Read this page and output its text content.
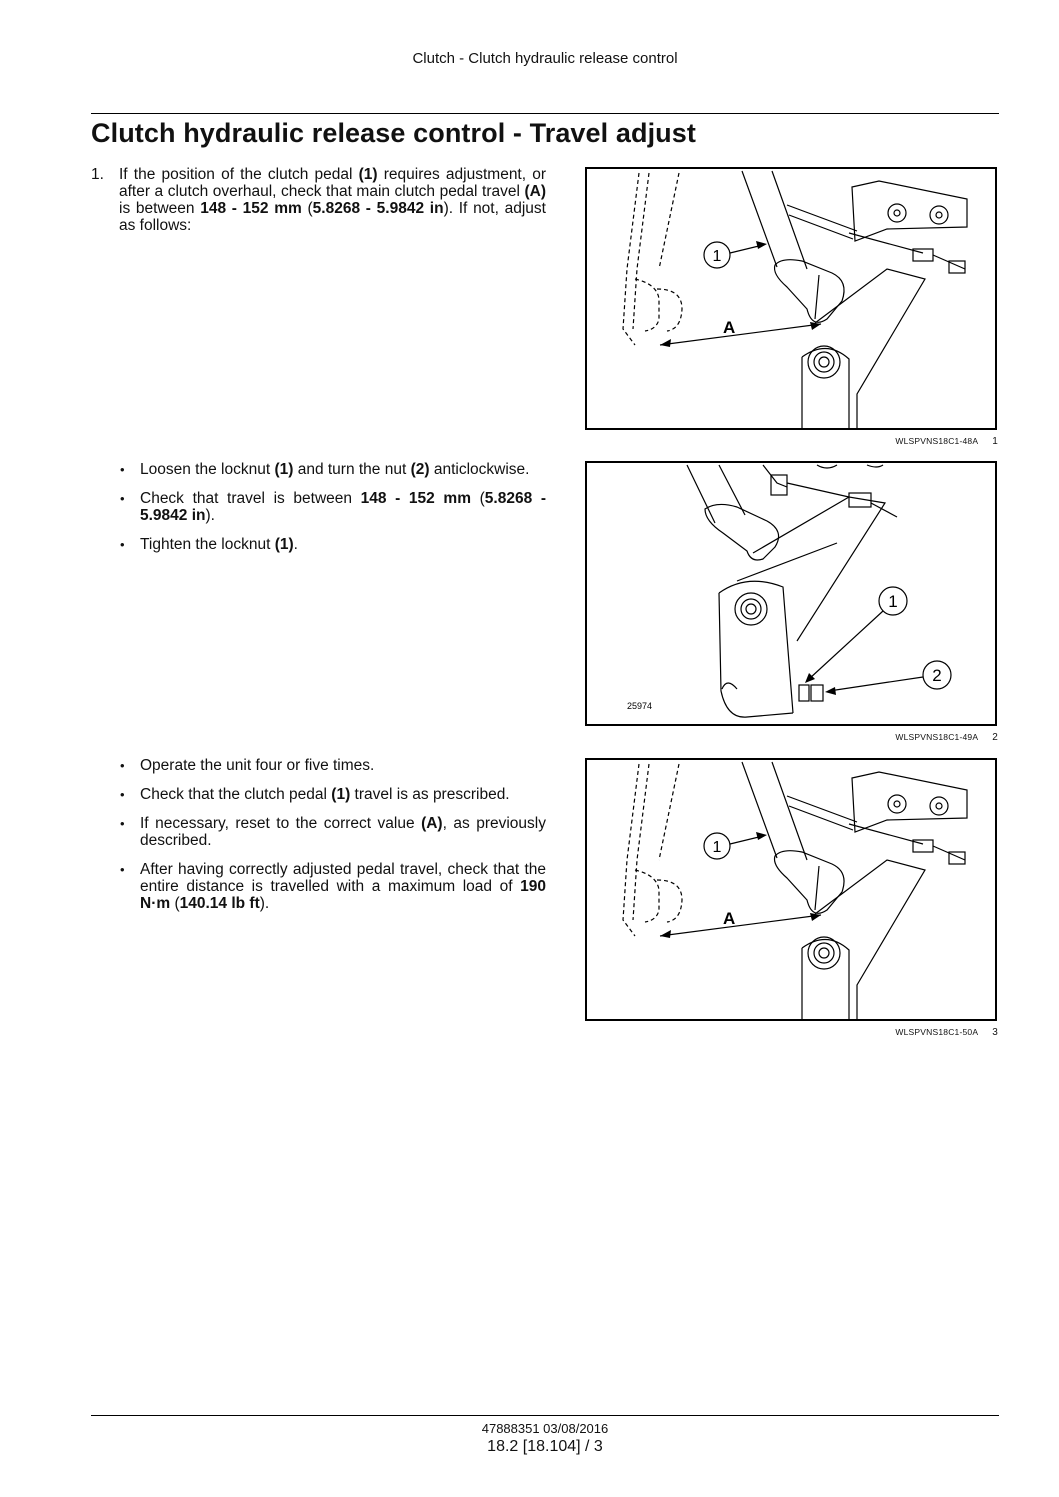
Clutch - Clutch hydraulic release control
Clutch hydraulic release control - Travel adjust
1. If the position of the clutch pedal (1) requires adjustment, or after a clutch overhaul, check that main clutch pedal travel (A) is between 148 - 152 mm (5.8268 - 5.9842 in). If not, adjust as follows:
A
1
WLSPVNS18C1-48A 1
• Loosen the locknut (1) and turn the nut (2) anticlockwise.
• Check that travel is between 148 - 152 mm (5.8268 - 5.9842 in).
• Tighten the locknut (1).
1
2
25974
WLSPVNS18C1-49A 2
• Operate the unit four or five times.
• Check that the clutch pedal (1) travel is as prescribed.
• If necessary, reset to the correct value (A), as previously described.
• After having correctly adjusted pedal travel, check that the entire distance is travelled with a maximum load of 190 N·m (140.14 lb ft).
A
1
WLSPVNS18C1-50A 3
47888351 03/08/2016
18.2 [18.104] / 3
